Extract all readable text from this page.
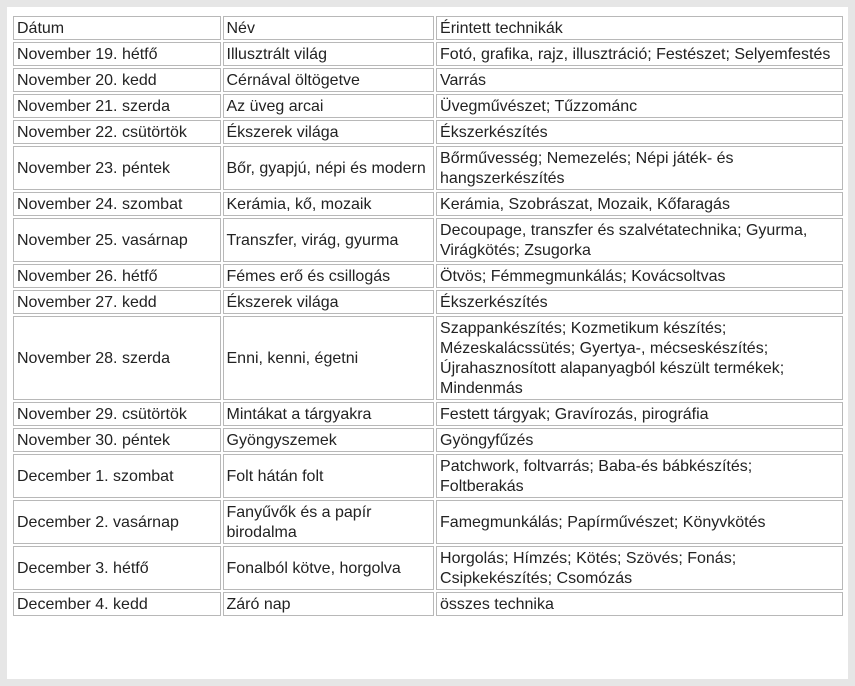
Dátum	Név	Érintett technikák
November 19. hétfő	Illusztrált világ	Fotó, grafika, rajz, illusztráció; Festészet; Selyemfestés
November 20. kedd	Cérnával öltögetve	Varrás
November 21. szerda	Az üveg arcai	Üvegművészet; Tűzzománc
November 22. csütörtök	Ékszerek világa	Ékszerkészítés
November 23. péntek	Bőr, gyapjú, népi és modern	Bőrművesség; Nemezelés; Népi játék- és hangszerkészítés
November 24. szombat	Kerámia, kő, mozaik	Kerámia, Szobrászat, Mozaik, Kőfaragás
November 25. vasárnap	Transzfer, virág, gyurma	Decoupage, transzfer és szalvétatechnika; Gyurma, Virágkötés; Zsugorka
November 26. hétfő	Fémes erő és csillogás	Ötvös; Fémmegmunkálás; Kovácsoltvas
November 27. kedd	Ékszerek világa	Ékszerkészítés
November 28. szerda	Enni, kenni, égetni	Szappankészítés; Kozmetikum készítés; Mézeskalácssütés; Gyertya-, mécseskészítés; Újrahasznosított alapanyagból készült termékek; Mindenmás
November 29. csütörtök	Mintákat a tárgyakra	Festett tárgyak; Gravírozás, pirográfia
November 30. péntek	Gyöngyszemek	Gyöngyfűzés
December 1. szombat	Folt hátán folt	Patchwork, foltvarrás; Baba-és bábkészítés; Foltberakás
December 2. vasárnap	Fanyűvők és a papír birodalma	Famegmunkálás; Papírművészet; Könyvkötés
December 3. hétfő	Fonalból kötve, horgolva	Horgolás; Hímzés; Kötés; Szövés; Fonás; Csipkekészítés; Csomózás
December 4. kedd	Záró nap	összes technika
